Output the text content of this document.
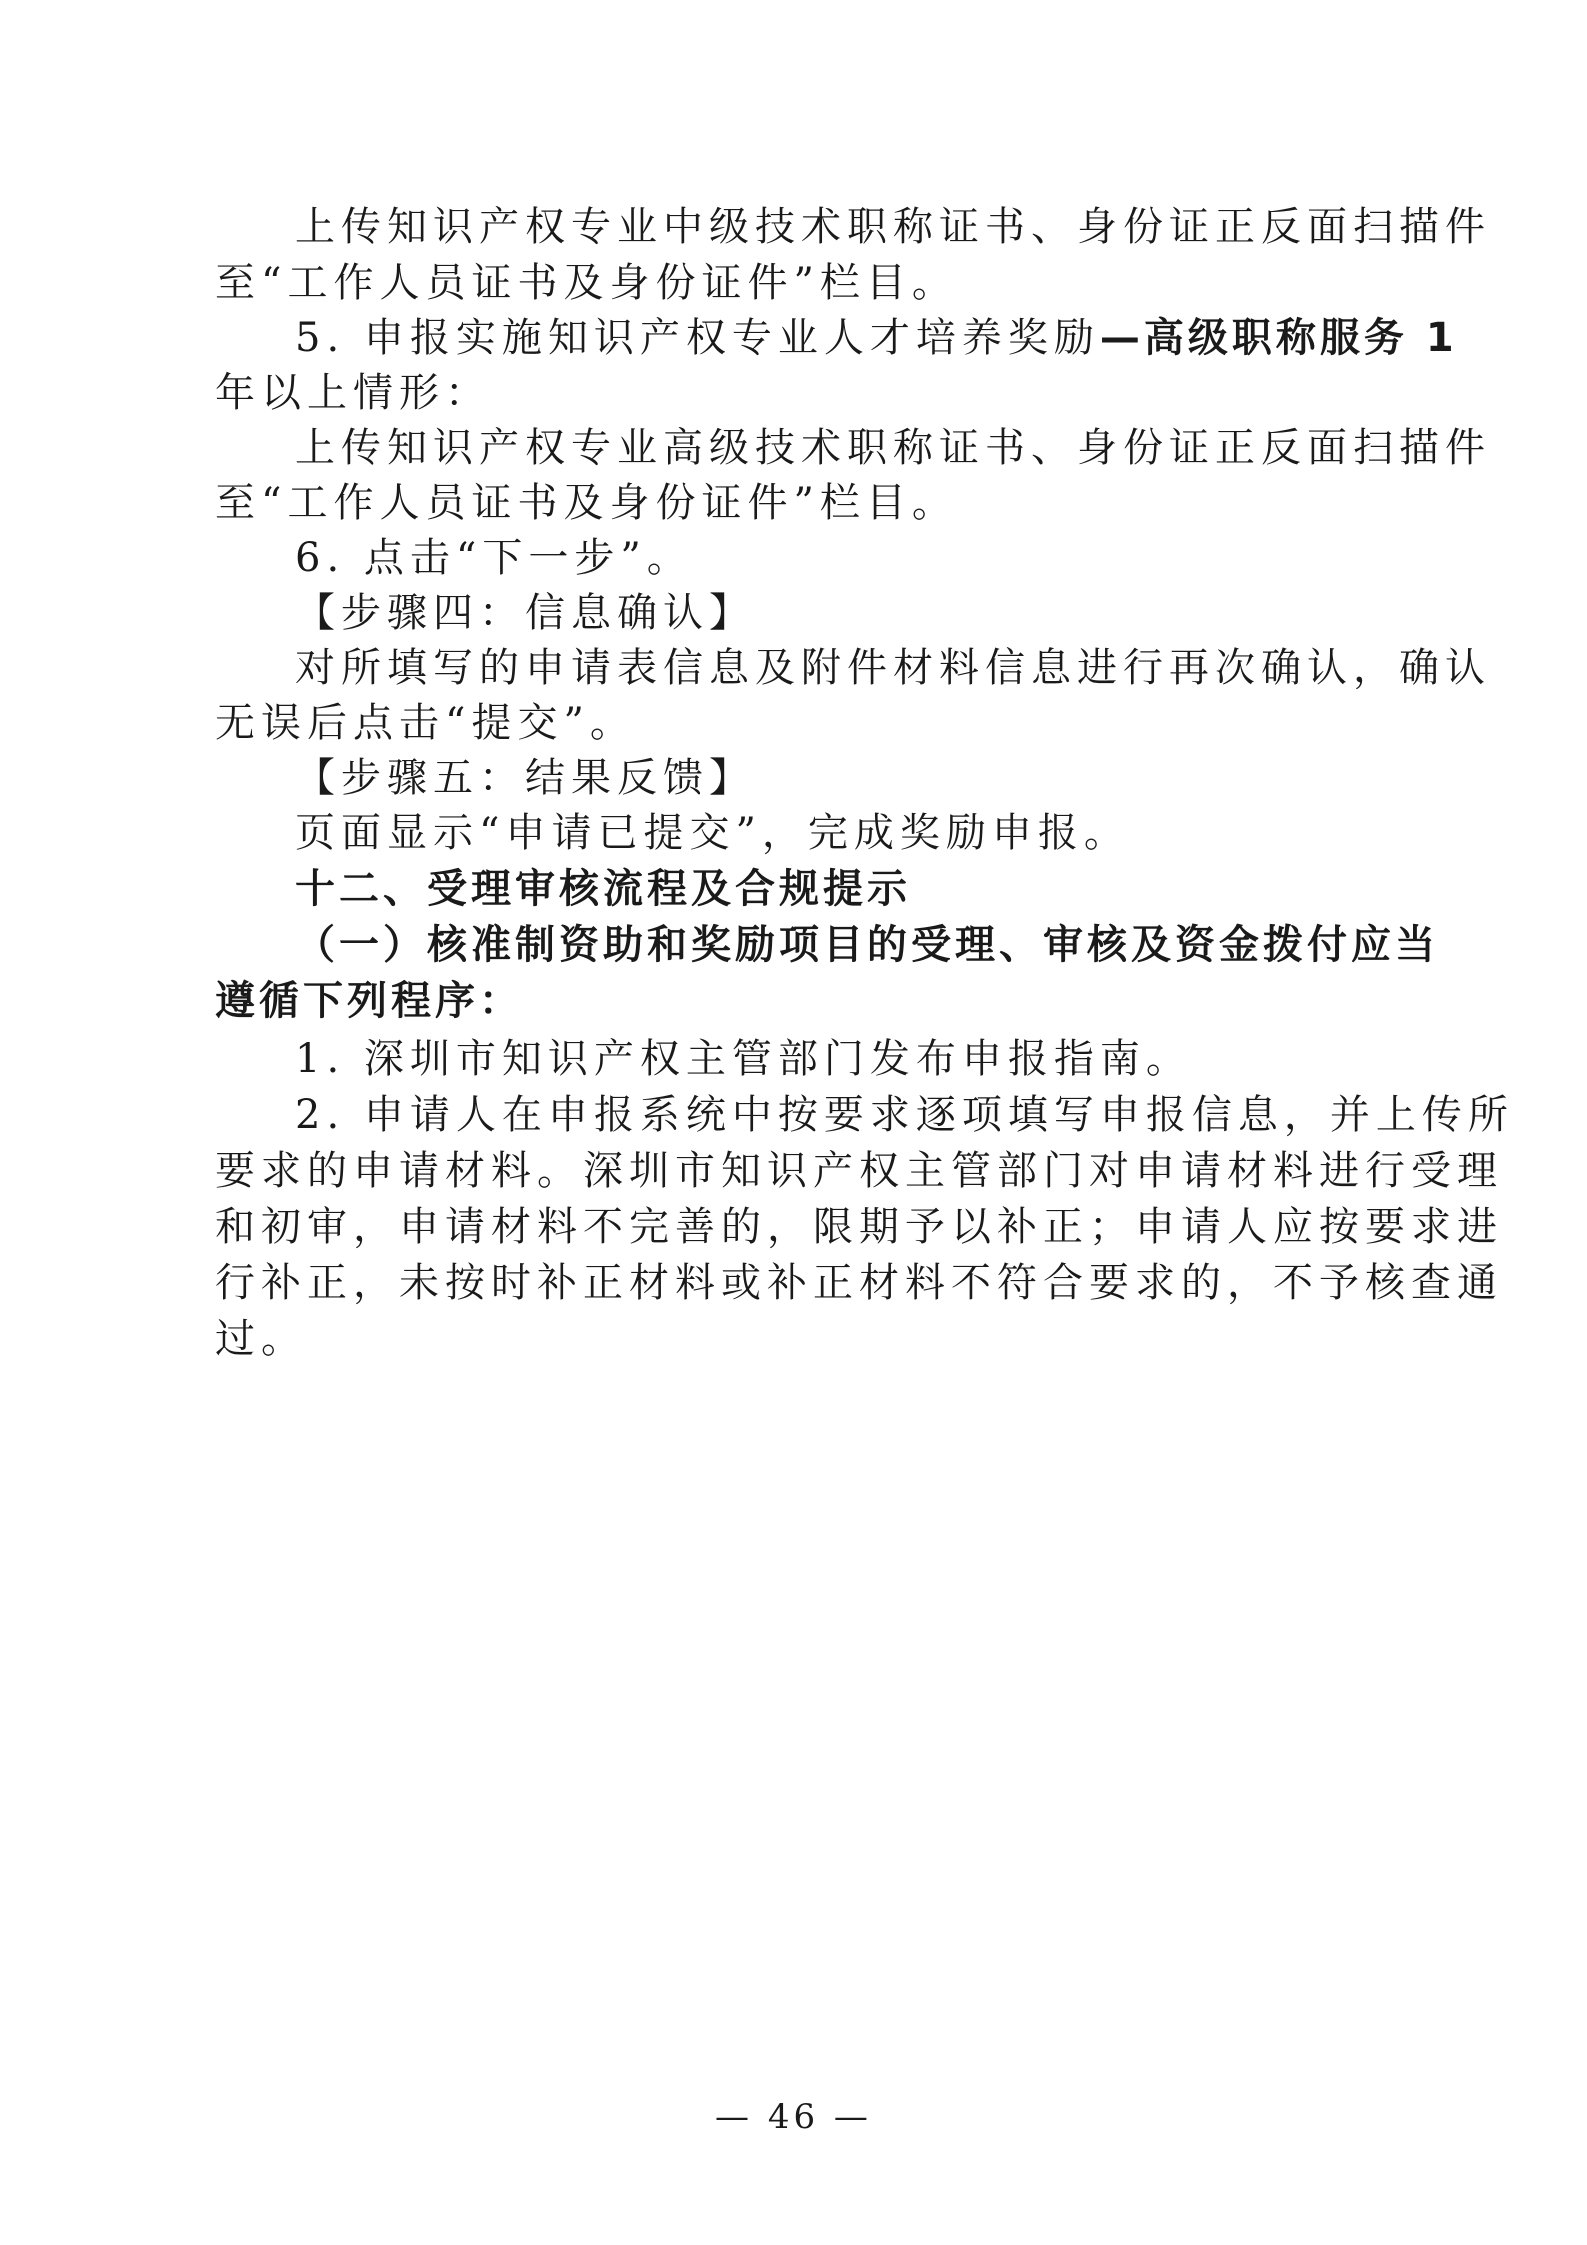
上传知识产权专业中级技术职称证书、身份证正反面扫描件
至“工作人员证书及身份证件”栏目。
5. 申报实施知识产权专业人才培养奖励—高级职称服务 1
年以上情形：
上传知识产权专业高级技术职称证书、身份证正反面扫描件
至“工作人员证书及身份证件”栏目。
6. 点击“下一步”。
【步骤四：信息确认】
对所填写的申请表信息及附件材料信息进行再次确认，确认
无误后点击“提交”。
【步骤五：结果反馈】
页面显示“申请已提交”，完成奖励申报。
十二、受理审核流程及合规提示
（一）核准制资助和奖励项目的受理、审核及资金拨付应当
遵循下列程序：
1. 深圳市知识产权主管部门发布申报指南。
2. 申请人在申报系统中按要求逐项填写申报信息，并上传所
要求的申请材料。深圳市知识产权主管部门对申请材料进行受理
和初审，申请材料不完善的，限期予以补正；申请人应按要求进
行补正，未按时补正材料或补正材料不符合要求的，不予核查通
过。
— 46 —
